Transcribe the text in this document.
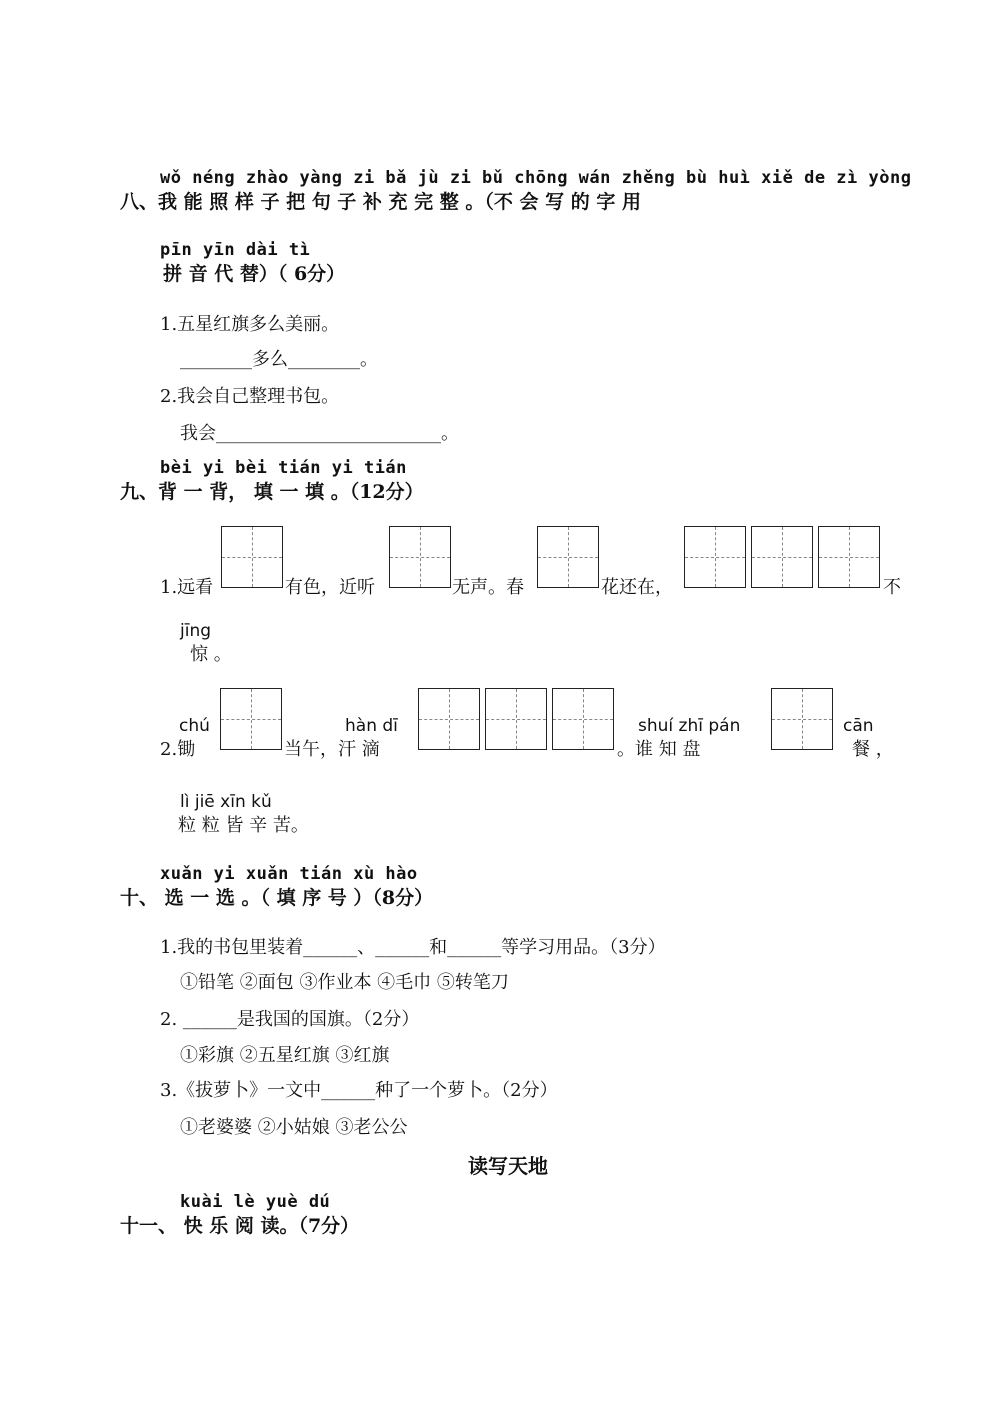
wǒ néng zhào yàng zi bǎ jù zi bǔ chōng wán zhěng bù huì xiě de zì yòng
八、我 能 照 样 子 把 句 子 补 充 完 整 。（不 会 写 的 字 用
pīn yīn dài tì
拼 音 代 替）（ 6分）
1.五星红旗多么美丽。
________多么________。
2.我会自己整理书包。
我会_________________________。
bèi yi bèi tián yi tián
九、背 一 背， 填 一 填 。（12分）
1.远看	有色，近听	无声。春	花还在，	不
jīng
惊 。
chú
2.锄
hàn dī
当午，汗 滴
shuí zhī pán
。谁 知 盘
cān
餐 ，
lì jiē xīn kǔ
粒 粒 皆 辛 苦。
xuǎn yi xuǎn tián xù hào
十、 选 一 选 。（ 填 序 号 ）（8分）
1.我的书包里装着______、______和______等学习用品。（3分）
①铅笔 ②面包 ③作业本 ④毛巾 ⑤转笔刀
2. ______是我国的国旗。（2分）
①彩旗 ②五星红旗 ③红旗
3.《拔萝卜》一文中______种了一个萝卜。（2分）
①老婆婆 ②小姑娘 ③老公公
读写天地
kuài lè yuè dú
十一、 快 乐 阅 读。（7分）
